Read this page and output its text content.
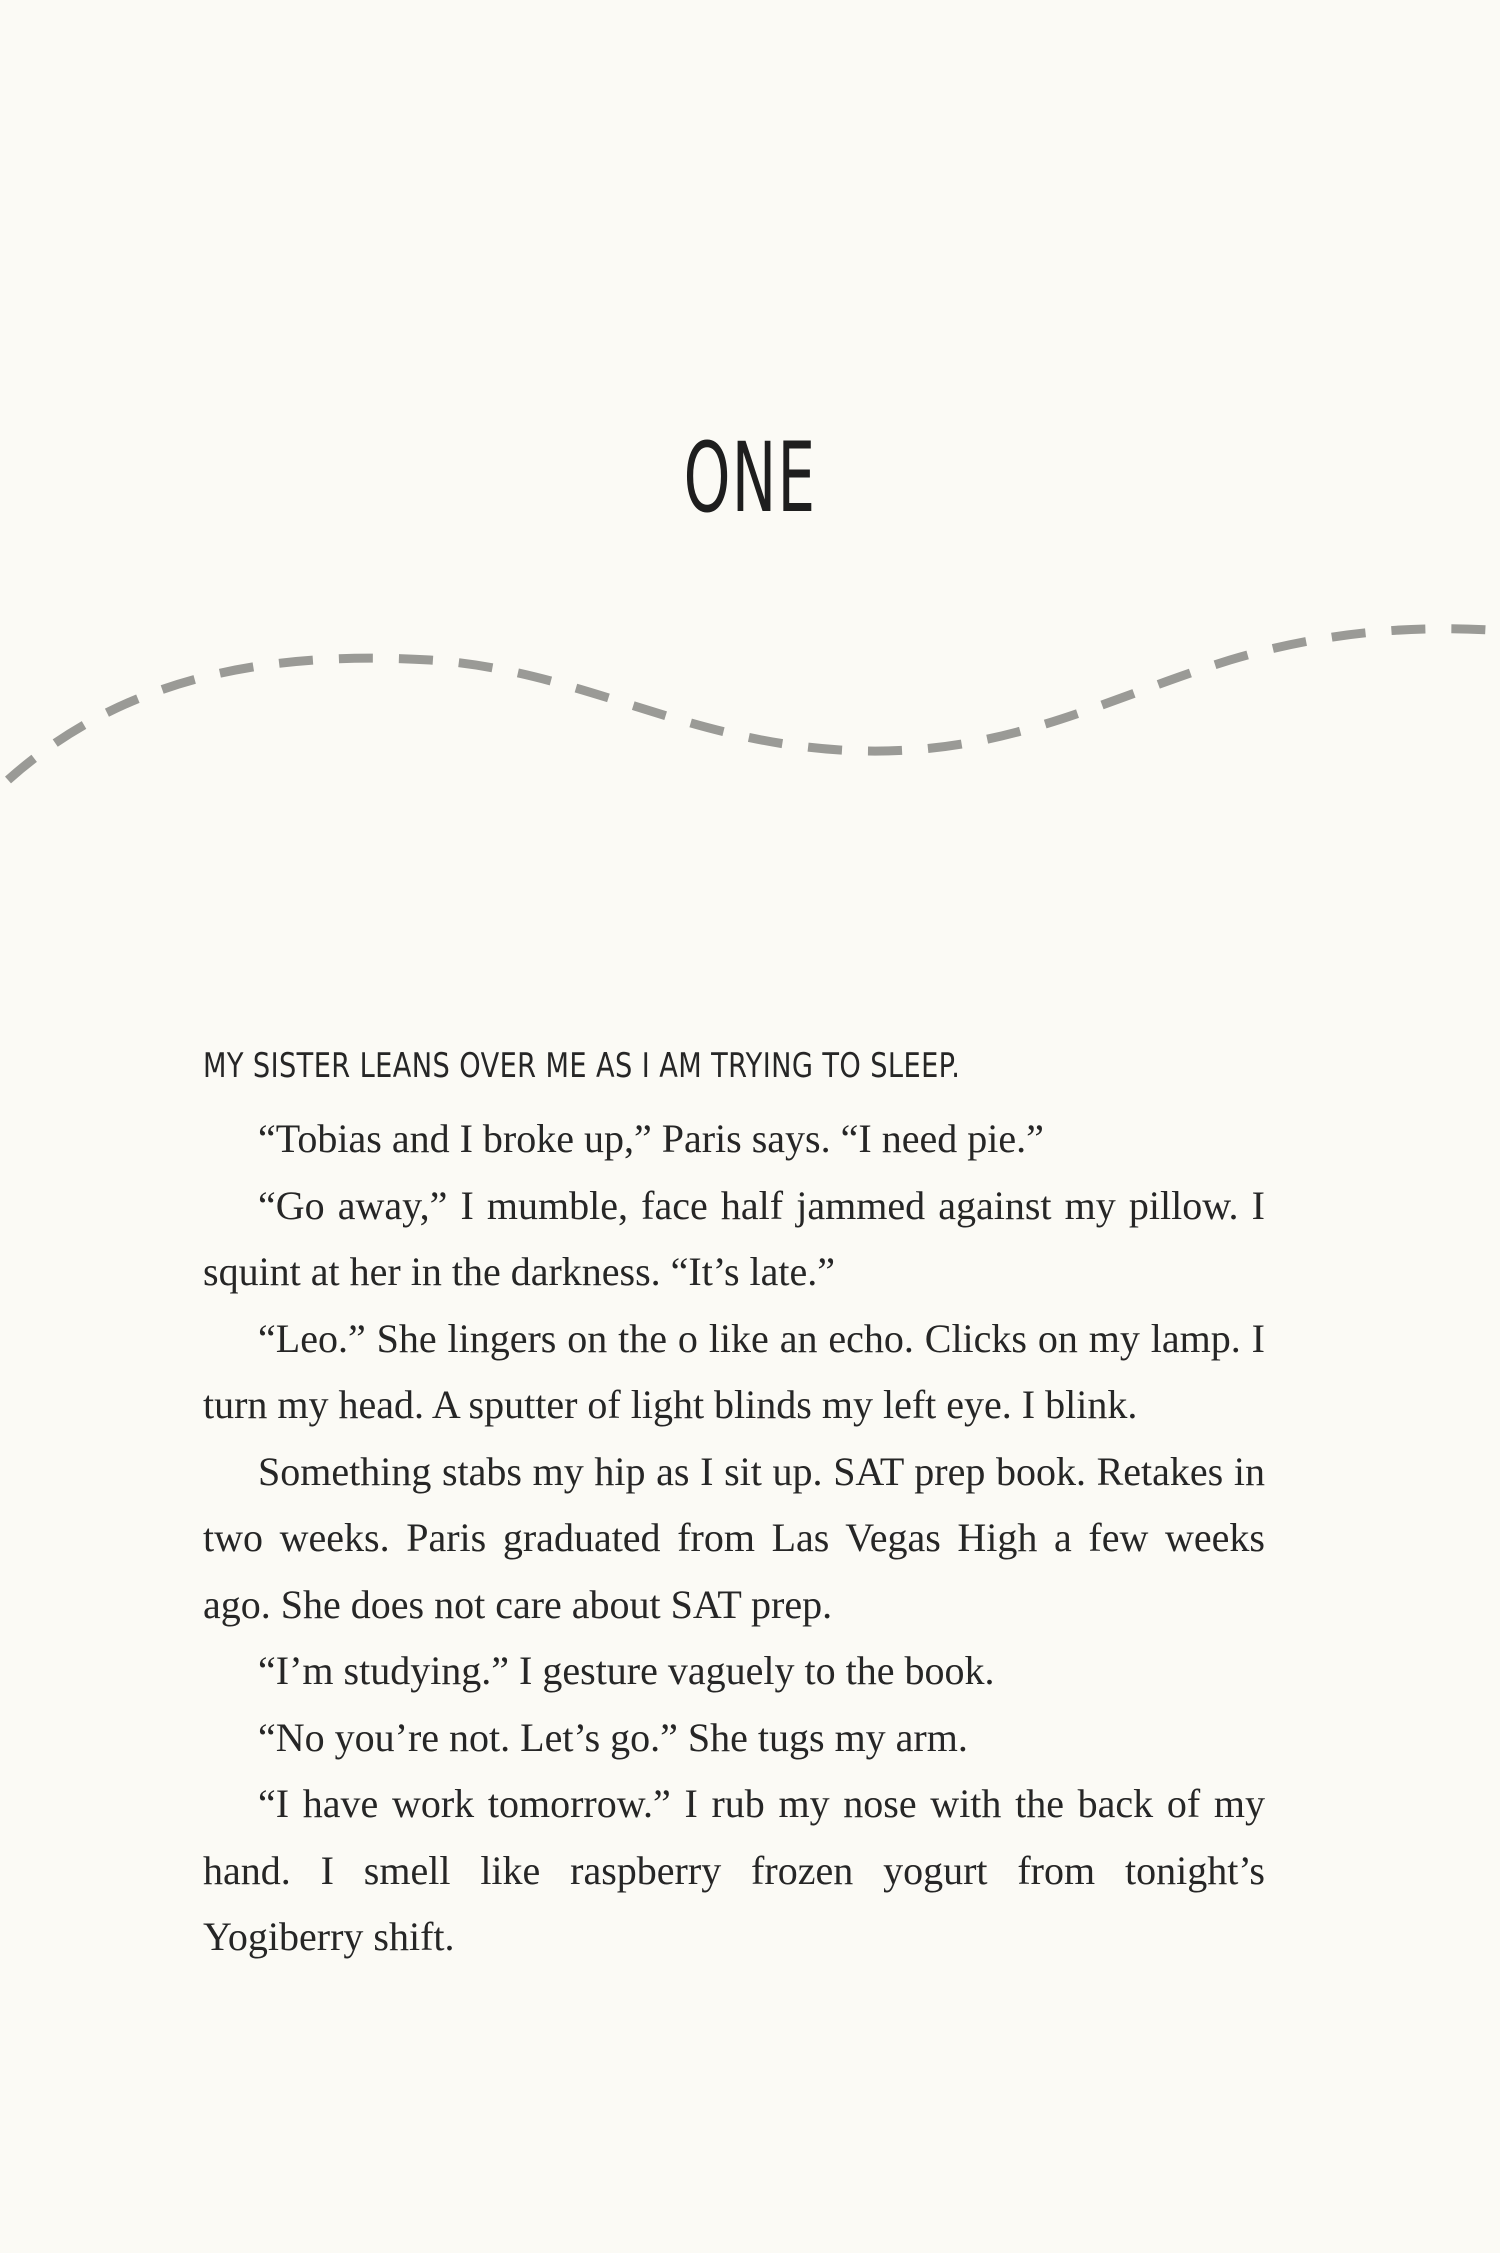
ONE

MY SISTER LEANS OVER ME AS I AM TRYING TO SLEEP.

“Tobias and I broke up,” Paris says. “I need pie.”

“Go away,” I mumble, face half jammed against my pillow. I squint at her in the darkness. “It’s late.”

“Leo.” She lingers on the o like an echo. Clicks on my lamp. I turn my head. A sputter of light blinds my left eye. I blink.

Something stabs my hip as I sit up. SAT prep book. Retakes in two weeks. Paris graduated from Las Vegas High a few weeks ago. She does not care about SAT prep.

“I’m studying.” I gesture vaguely to the book.

“No you’re not. Let’s go.” She tugs my arm.

“I have work tomorrow.” I rub my nose with the back of my hand. I smell like raspberry frozen yogurt from tonight’s Yogiberry shift.
